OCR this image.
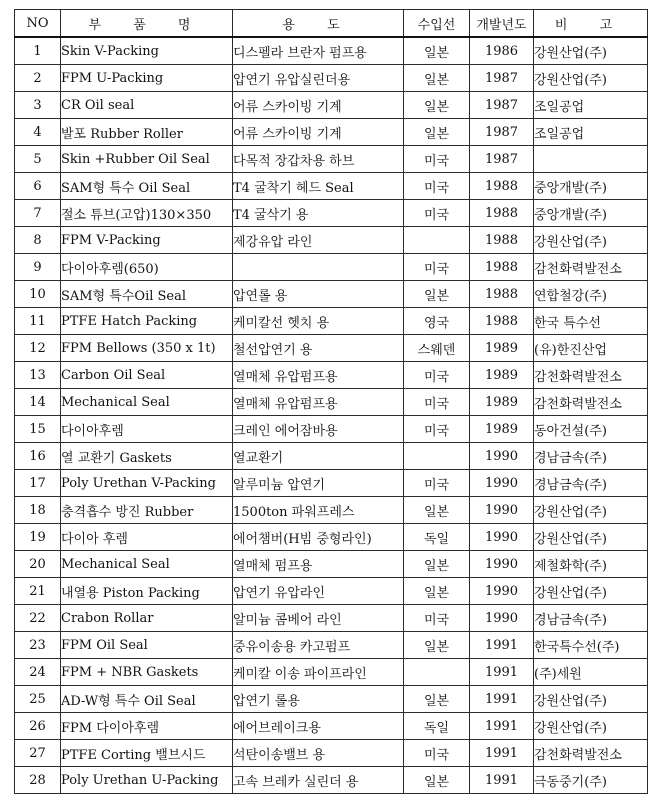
NO	부 품 명	용 도	수입선	개발년도	비 고
1	Skin V-Packing	디스펠라 브란자 펌프용	일본	1986	강원산업(주)
2	FPM U-Packing	압연기 유압실린더용	일본	1987	강원산업(주)
3	CR Oil seal	어류 스카이빙 기계	일본	1987	조일공업
4	발포 Rubber Roller	어류 스카이빙 기계	일본	1987	조일공업
5	Skin +Rubber Oil Seal	다목적 장갑차용 하브	미국	1987	
6	SAM형 특수 Oil Seal	T4 굴착기 헤드 Seal	미국	1988	중앙개발(주)
7	절소 튜브(고압)130×350	T4 굴삭기 용	미국	1988	중앙개발(주)
8	FPM V-Packing	제강유압 라인		1988	강원산업(주)
9	다이아후렘(650)		미국	1988	감천화력발전소
10	SAM형 특수Oil Seal	압연롤 용	일본	1988	연합철강(주)
11	PTFE Hatch Packing	케미칼선 헷치 용	영국	1988	한국 특수선
12	FPM Bellows (350 x 1t)	철선압연기 용	스웨덴	1989	(유)한진산업
13	Carbon Oil Seal	열매체 유압펌프용	미국	1989	감천화력발전소
14	Mechanical Seal	열매체 유압펌프용	미국	1989	감천화력발전소
15	다이아후렘	크레인 에어잠바용	미국	1989	동아건설(주)
16	열 교환기 Gaskets	열교환기		1990	경남금속(주)
17	Poly Urethan V-Packing	알루미늄 압연기	미국	1990	경남금속(주)
18	충격흡수 방진 Rubber	1500ton 파워프레스	일본	1990	강원산업(주)
19	다이아 후렘	에어챔버(H빔 중형라인)	독일	1990	강원산업(주)
20	Mechanical Seal	열매체 펌프용	일본	1990	제철화학(주)
21	내열용 Piston Packing	압연기 유압라인	일본	1990	강원산업(주)
22	Crabon Rollar	알미늄 콤베어 라인	미국	1990	경남금속(주)
23	FPM Oil Seal	중유이송용 카고펌프	일본	1991	한국특수선(주)
24	FPM + NBR Gaskets	케미칼 이송 파이프라인		1991	(주)세원
25	AD-W형 특수 Oil Seal	압연기 롤용	일본	1991	강원산업(주)
26	FPM 다이아후렘	에어브레이크용	독일	1991	강원산업(주)
27	PTFE Corting 밸브시드	석탄이송밸브 용	미국	1991	감천화력발전소
28	Poly Urethan U-Packing	고속 브레카 실린더 용	일본	1991	극동중기(주)
